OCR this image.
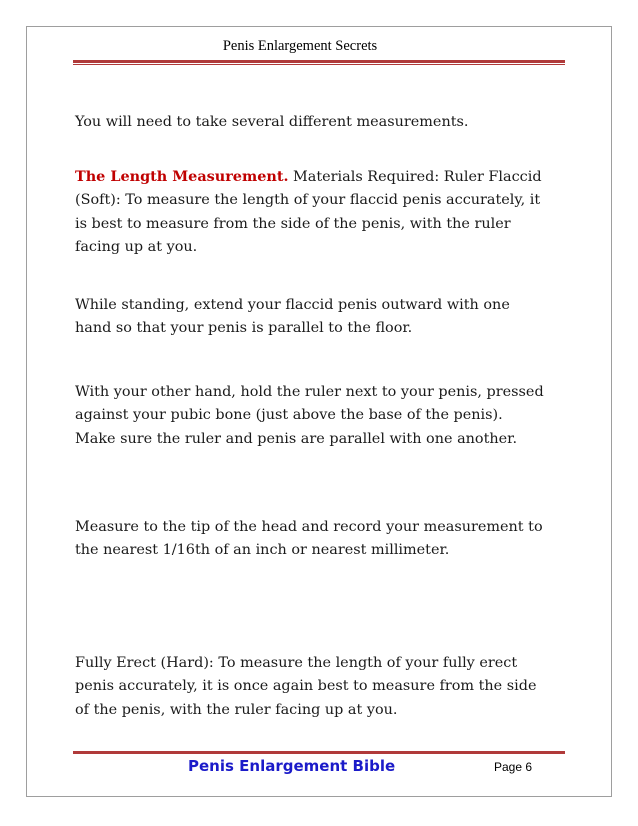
Penis Enlargement Secrets

You will need to take several different measurements.

The Length Measurement. Materials Required: Ruler Flaccid (Soft): To measure the length of your flaccid penis accurately, it is best to measure from the side of the penis, with the ruler facing up at you.

While standing, extend your flaccid penis outward with one hand so that your penis is parallel to the floor.

With your other hand, hold the ruler next to your penis, pressed against your pubic bone (just above the base of the penis). Make sure the ruler and penis are parallel with one another.

Measure to the tip of the head and record your measurement to the nearest 1/16th of an inch or nearest millimeter.

Fully Erect (Hard): To measure the length of your fully erect penis accurately, it is once again best to measure from the side of the penis, with the ruler facing up at you.

Penis Enlargement Bible	Page 6
